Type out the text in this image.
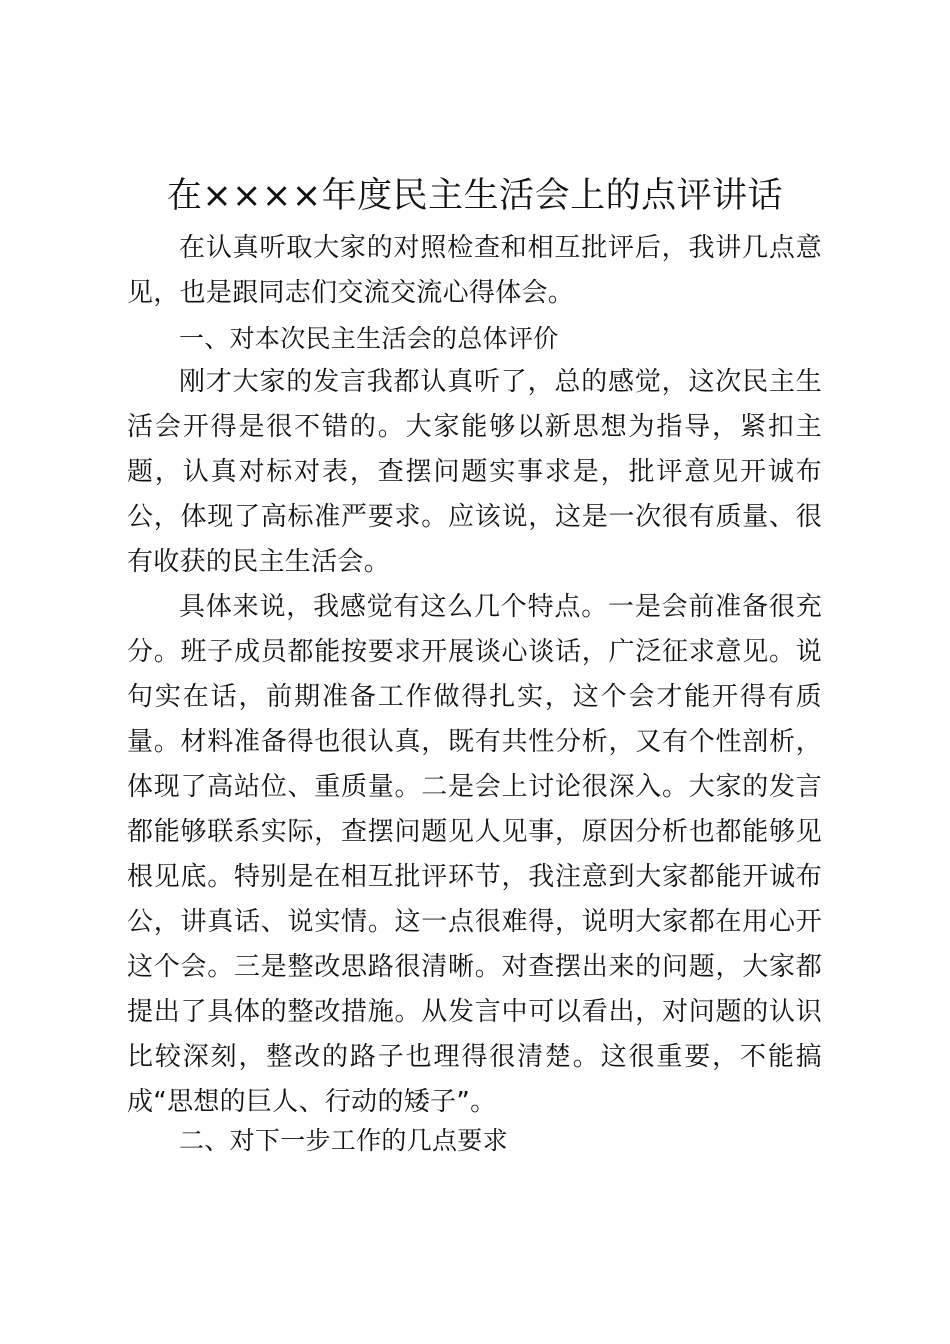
在××××年度民主生活会上的点评讲话

在认真听取大家的对照检查和相互批评后，我讲几点意见，也是跟同志们交流交流心得体会。

一、对本次民主生活会的总体评价

刚才大家的发言我都认真听了，总的感觉，这次民主生活会开得是很不错的。大家能够以新思想为指导，紧扣主题，认真对标对表，查摆问题实事求是，批评意见开诚布公，体现了高标准严要求。应该说，这是一次很有质量、很有收获的民主生活会。

具体来说，我感觉有这么几个特点。一是会前准备很充分。班子成员都能按要求开展谈心谈话，广泛征求意见。说句实在话，前期准备工作做得扎实，这个会才能开得有质量。材料准备得也很认真，既有共性分析，又有个性剖析，体现了高站位、重质量。二是会上讨论很深入。大家的发言都能够联系实际，查摆问题见人见事，原因分析也都能够见根见底。特别是在相互批评环节，我注意到大家都能开诚布公，讲真话、说实情。这一点很难得，说明大家都在用心开这个会。三是整改思路很清晰。对查摆出来的问题，大家都提出了具体的整改措施。从发言中可以看出，对问题的认识比较深刻，整改的路子也理得很清楚。这很重要，不能搞成“思想的巨人、行动的矮子”。

二、对下一步工作的几点要求
